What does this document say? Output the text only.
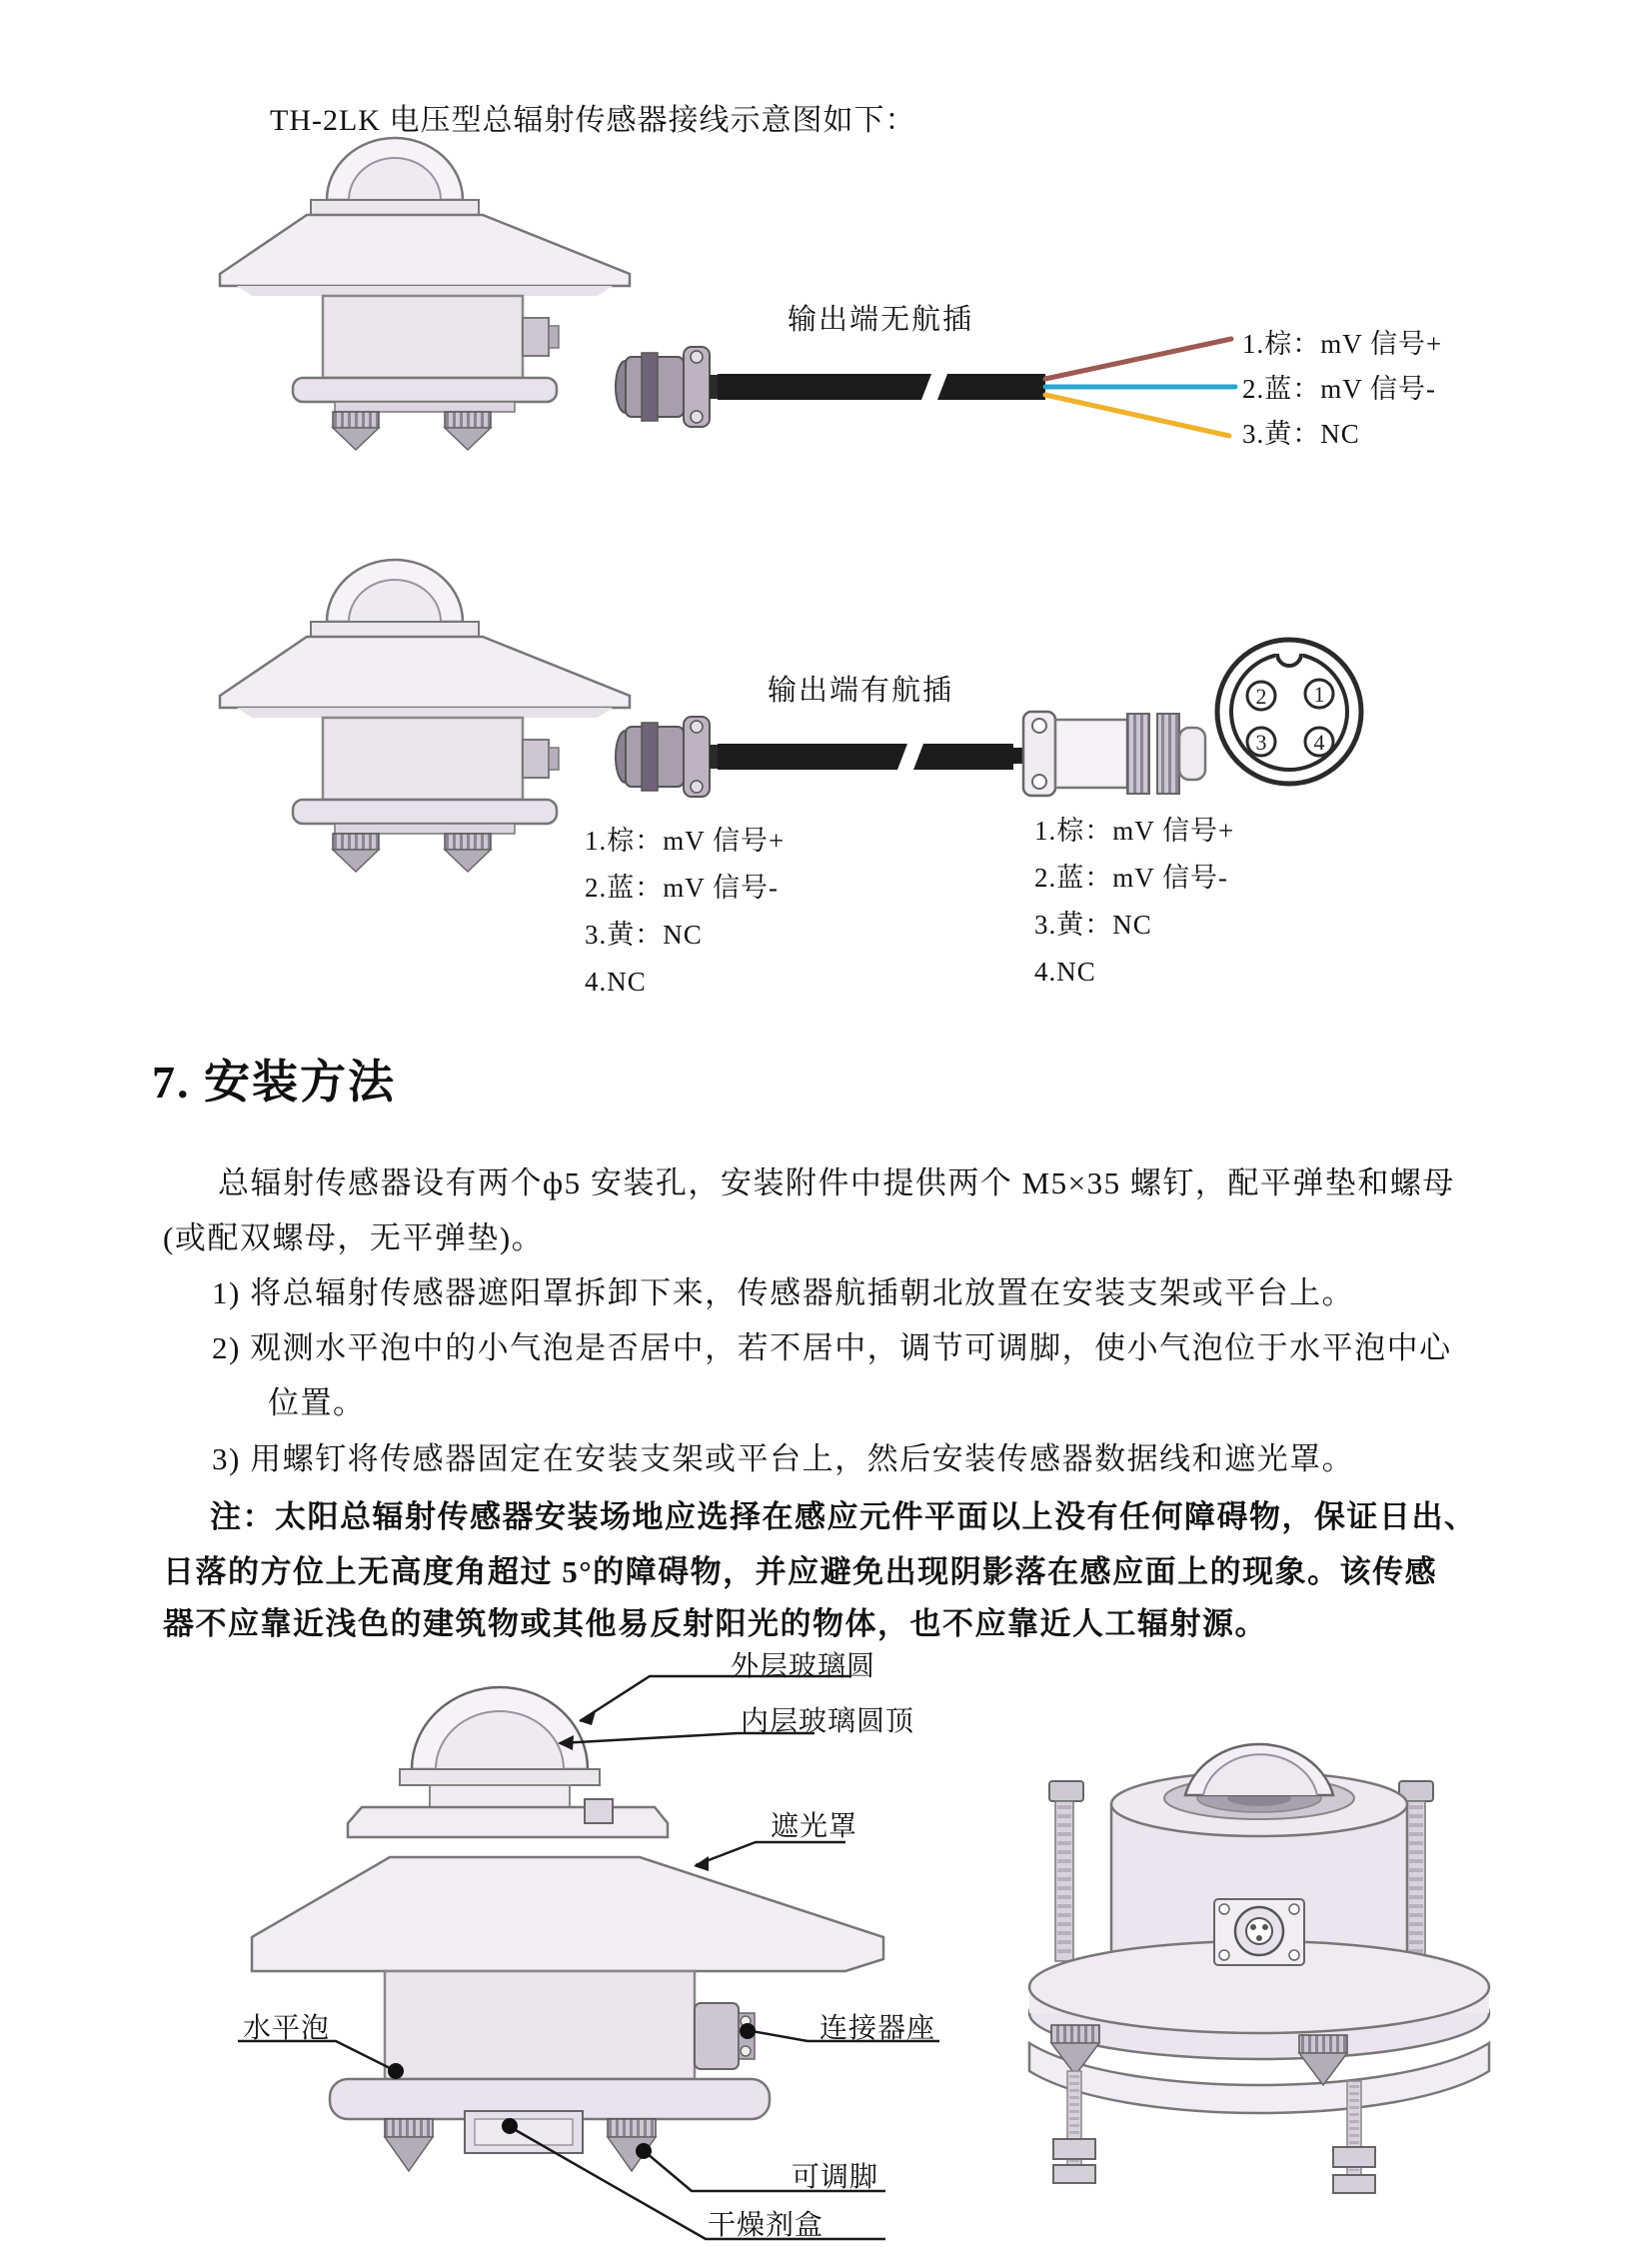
2 1
3 4
TH-2LK 电压型总辐射传感器接线示意图如下：
输出端无航插
1.棕：mV 信号+
2.蓝：mV 信号-
3.黄：NC
输出端有航插
1.棕：mV 信号+
2.蓝：mV 信号-
3.黄：NC
4.NC
1.棕：mV 信号+
2.蓝：mV 信号-
3.黄：NC
4.NC
7. 安装方法
总辐射传感器设有两个ф5 安装孔，安装附件中提供两个 M5×35 螺钉，配平弹垫和螺母
(或配双螺母，无平弹垫)。
1) 将总辐射传感器遮阳罩拆卸下来，传感器航插朝北放置在安装支架或平台上。
2) 观测水平泡中的小气泡是否居中，若不居中，调节可调脚，使小气泡位于水平泡中心
位置。
3) 用螺钉将传感器固定在安装支架或平台上，然后安装传感器数据线和遮光罩。
注：太阳总辐射传感器安装场地应选择在感应元件平面以上没有任何障碍物，保证日出、
日落的方位上无高度角超过 5°的障碍物，并应避免出现阴影落在感应面上的现象。该传感
器不应靠近浅色的建筑物或其他易反射阳光的物体，也不应靠近人工辐射源。
外层玻璃圆
内层玻璃圆顶
遮光罩
水平泡	连接器座
可调脚
干燥剂盒
